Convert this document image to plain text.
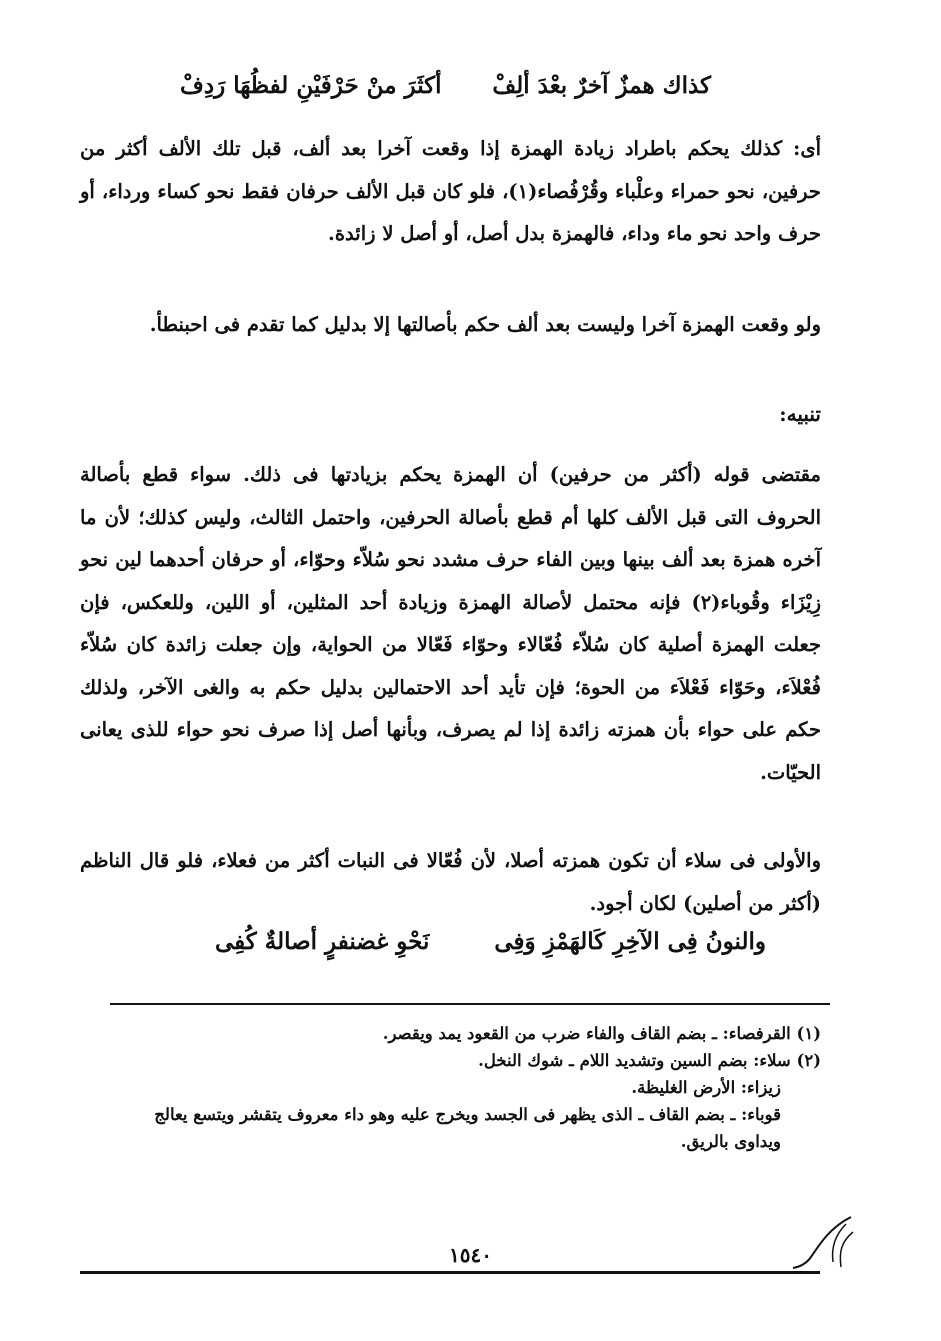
كذاك همزٌ آخرٌ بعْدَ ألِفْ
أكثَرَ منْ حَرْفَيْنِ لفظُهَا رَدِفْ
أى: كذلك يحكم باطراد زيادة الهمزة إذا وقعت آخرا بعد ألف، قبل تلك الألف أكثر من حرفين، نحو حمراء وعلْباء وقُرْفُصاء(١)، فلو كان قبل الألف حرفان فقط نحو كساء ورداء، أو حرف واحد نحو ماء وداء، فالهمزة بدل أصل، أو أصل لا زائدة.
ولو وقعت الهمزة آخرا وليست بعد ألف حكم بأصالتها إلا بدليل كما تقدم فى احبنطأ.
تنبيه:
مقتضى قوله (أكثر من حرفين) أن الهمزة يحكم بزيادتها فى ذلك. سواء قطع بأصالة الحروف التى قبل الألف كلها أم قطع بأصالة الحرفين، واحتمل الثالث، وليس كذلك؛ لأن ما آخره همزة بعد ألف بينها وبين الفاء حرف مشدد نحو سُلاّء وحوّاء، أو حرفان أحدهما لين نحو زِيْزَاء وقُوباء(٢) فإنه محتمل لأصالة الهمزة وزيادة أحد المثلين، أو اللين، وللعكس، فإن جعلت الهمزة أصلية كان سُلاّء فُعّالاء وحوّاء فَعّالا من الحواية، وإن جعلت زائدة كان سُلاّء فُعْلاَء، وحَوّاء فَعْلاَء من الحوة؛ فإن تأيد أحد الاحتمالين بدليل حكم به والغى الآخر، ولذلك حكم على حواء بأن همزته زائدة إذا لم يصرف، وبأنها أصل إذا صرف نحو حواء للذى يعانى الحيّات.
والأولى فى سلاء أن تكون همزته أصلا، لأن فُعّالا فى النبات أكثر من فعلاء، فلو قال الناظم (أكثر من أصلين) لكان أجود.
والنونُ فِى الآخِرِ كَالهَمْزِ وَفِى
نَحْوِ غضنفرٍ أصالةٌ كُفِى
(١) القرفصاء: ـ بضم القاف والفاء ضرب من القعود يمد ويقصر.
(٢) سلاء: بضم السين وتشديد اللام ـ شوك النخل.
زيزاء: الأرض الغليظة.
قوباء: ـ بضم القاف ـ الذى يظهر فى الجسد ويخرج عليه وهو داء معروف يتقشر ويتسع يعالج ويداوى بالريق.
١٥٤٠
